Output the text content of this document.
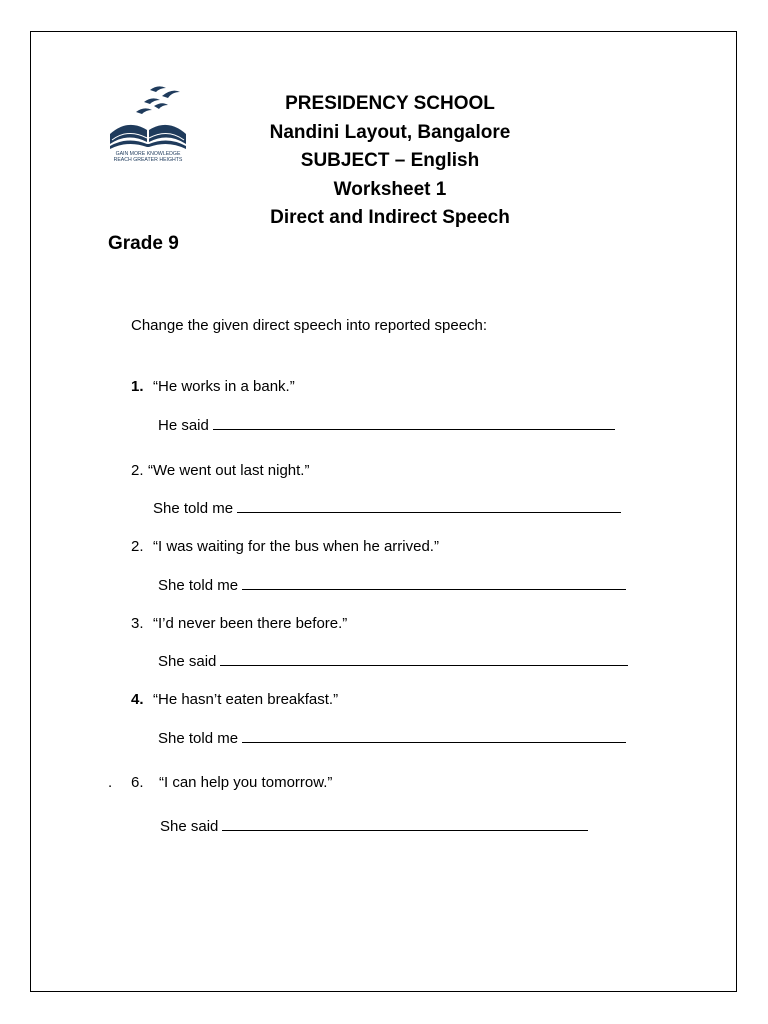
GAIN MORE KNOWLEDGE
REACH GREATER HEIGHTS
PRESIDENCY SCHOOL
Nandini Layout, Bangalore
SUBJECT – English
Worksheet 1
Direct and Indirect Speech
Grade 9
Change the given direct speech into reported speech:
1. “He works in a bank.”
He said
2. “We went out last night.”
She told me
2. “I was waiting for the bus when he arrived.”
She told me
3. “I’d never been there before.”
She said
4. “He hasn’t eaten breakfast.”
She told me
. 6. “I can help you tomorrow.”
She said
